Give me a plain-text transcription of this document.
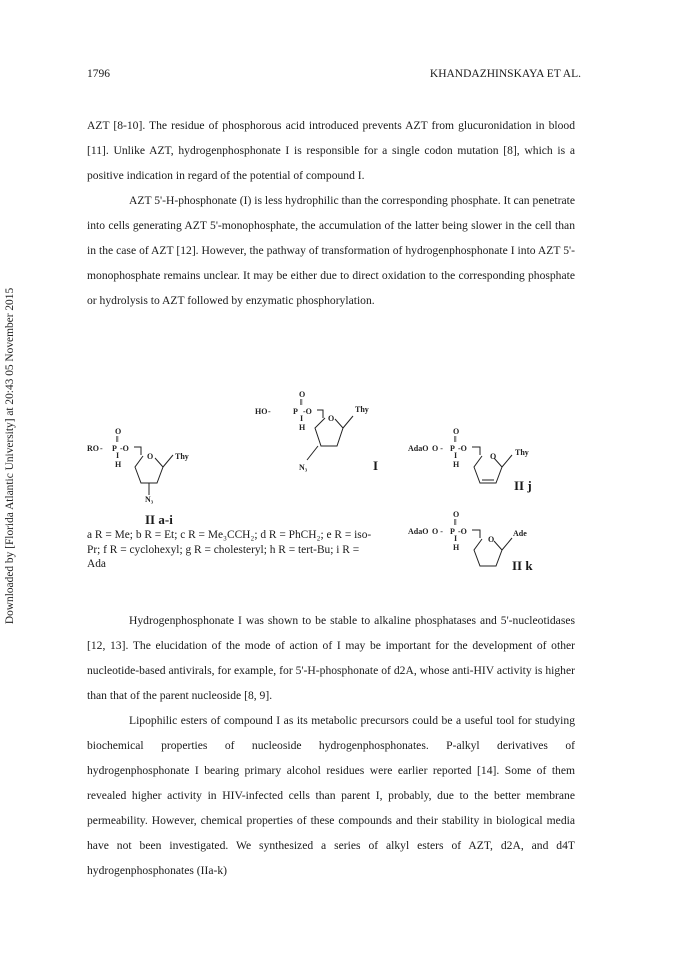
Downloaded by [Florida Atlantic University] at 20:43 05 November 2015
1796	KHANDAZHINSKAYA ET AL.

AZT [8-10]. The residue of phosphorous acid introduced prevents AZT from glucuronidation in blood [11]. Unlike AZT, hydrogenphosphonate I is responsible for a single codon mutation [8], which is a positive indication in regard of the potential of compound I.

AZT 5'-H-phosphonate (I) is less hydrophilic than the corresponding phosphate. It can penetrate into cells generating AZT 5'-monophosphate, the accumulation of the latter being slower in the cell than in the case of AZT [12]. However, the pathway of transformation of hydrogenphosphonate I into AZT 5'-monophosphate remains unclear. It may be either due to direct oxidation to the corresponding phosphate or hydrolysis to AZT followed by enzymatic phosphorylation.

O
‖
HO -	P -O
I
H
Thy
O
N₃	I
O
‖
RO - P -O
I
H
Thy
O
N₃
II a-i
a R = Me; b R = Et; c R = Me₃CCH₂; d R = PhCH₂; e R = iso-Pr; f R = cyclohexyl; g R = cholesteryl; h R = tert-Bu; i R = Ada
O
‖
AdaO O - P -O
I
H
Thy
O
II j
O
‖
AdaO O - P -O
I
H
Ade
O
II k

Hydrogenphosphonate I was shown to be stable to alkaline phosphatases and 5'-nucleotidases [12, 13]. The elucidation of the mode of action of I may be important for the development of other nucleotide-based antivirals, for example, for 5'-H-phosphonate of d2A, whose anti-HIV activity is higher than that of the parent nucleoside [8, 9].

Lipophilic esters of compound I as its metabolic precursors could be a useful tool for studying biochemical properties of nucleoside hydrogenphosphonates. P-alkyl derivatives of hydrogenphosphonate I bearing primary alcohol residues were earlier reported [14]. Some of them revealed higher activity in HIV-infected cells than parent I, probably, due to the better membrane permeability. However, chemical properties of these compounds and their stability in biological media have not been investigated. We synthesized a series of alkyl esters of AZT, d2A, and d4T hydrogenphosphonates (IIa-k)
